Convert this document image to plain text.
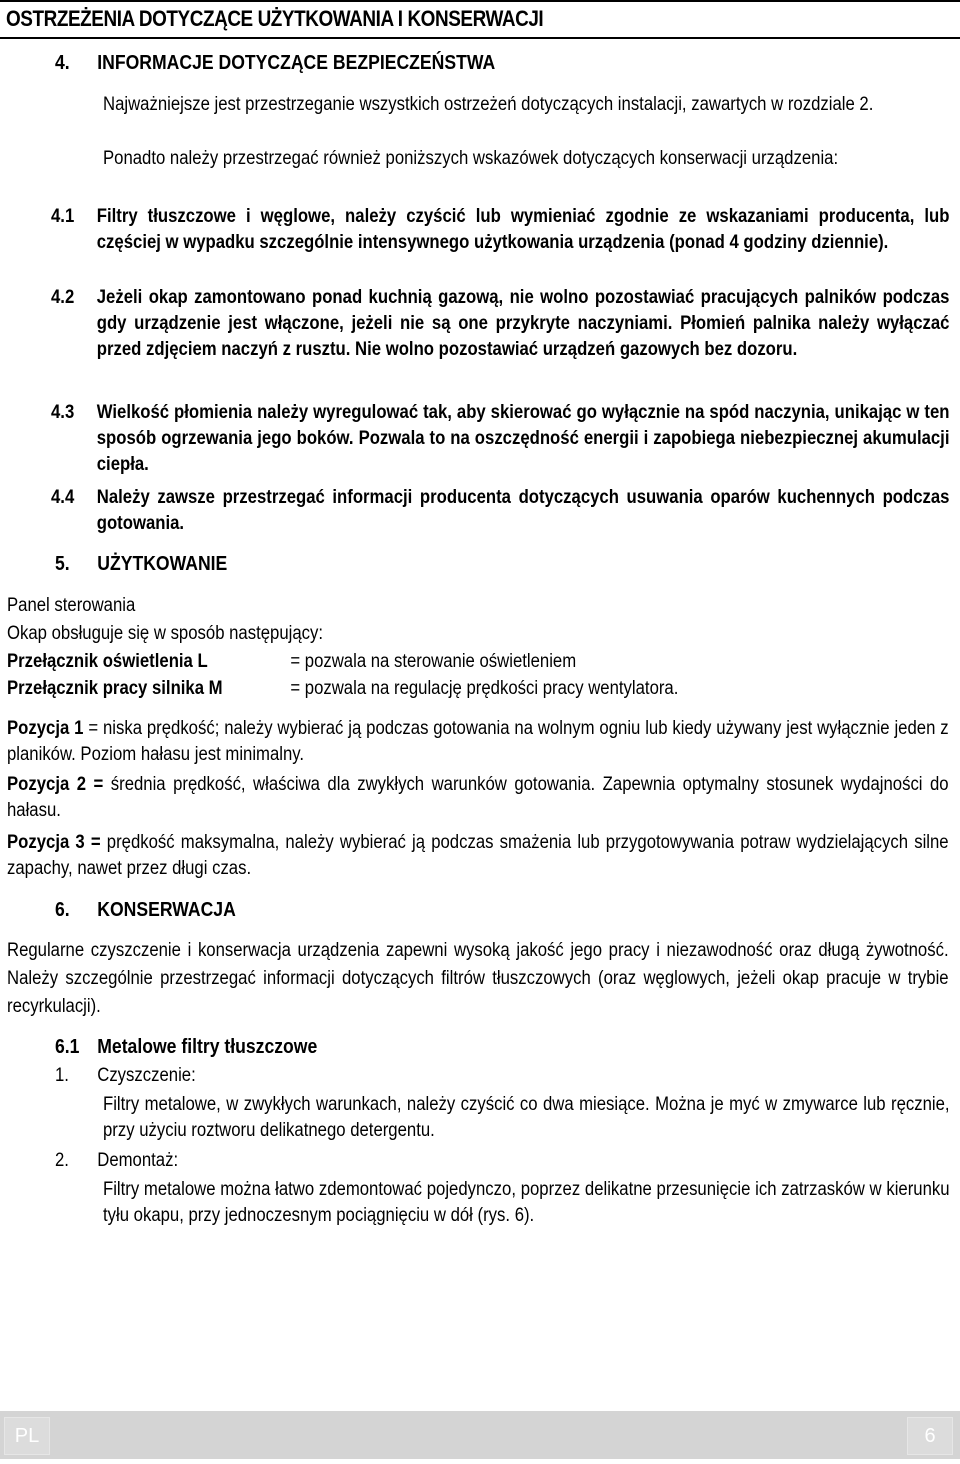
OSTRZEŻENIA DOTYCZĄCE UŻYTKOWANIA I KONSERWACJI
4. INFORMACJE DOTYCZĄCE BEZPIECZEŃSTWA
Najważniejsze jest przestrzeganie wszystkich ostrzeżeń dotyczących instalacji, zawartych w rozdziale 2.
Ponadto należy przestrzegać również poniższych wskazówek dotyczących konserwacji urządzenia:
4.1	Filtry tłuszczowe i węglowe, należy czyścić lub wymieniać zgodnie ze wskazaniami producenta, lub częściej w wypadku szczególnie intensywnego użytkowania urządzenia (ponad 4 godziny dziennie).
4.2	Jeżeli okap zamontowano ponad kuchnią gazową, nie wolno pozostawiać pracujących palników podczas gdy urządzenie jest włączone, jeżeli nie są one przykryte naczyniami. Płomień palnika należy wyłączać przed zdjęciem naczyń z rusztu. Nie wolno pozostawiać urządzeń gazowych bez dozoru.
4.3	Wielkość płomienia należy wyregulować tak, aby skierować go wyłącznie na spód naczynia, unikając w ten sposób ogrzewania jego boków. Pozwala to na oszczędność energii i zapobiega niebezpiecznej akumulacji ciepła.
4.4	Należy zawsze przestrzegać informacji producenta dotyczących usuwania oparów kuchennych podczas gotowania.
5. UŻYTKOWANIE
Panel sterowania
Okap obsługuje się w sposób następujący:
Przełącznik oświetlenia L	= pozwala na sterowanie oświetleniem
Przełącznik pracy silnika M	= pozwala na regulację prędkości pracy wentylatora.
Pozycja 1 = niska prędkość; należy wybierać ją podczas gotowania na wolnym ogniu lub kiedy używany jest wyłącznie jeden z planików. Poziom hałasu jest minimalny.
Pozycja 2 = średnia prędkość, właściwa dla zwykłych warunków gotowania. Zapewnia optymalny stosunek wydajności do hałasu.
Pozycja 3 = prędkość maksymalna, należy wybierać ją podczas smażenia lub przygotowywania potraw wydzielających silne zapachy, nawet przez długi czas.
6. KONSERWACJA
Regularne czyszczenie i konserwacja urządzenia zapewni wysoką jakość jego pracy i niezawodność oraz długą żywotność. Należy szczególnie przestrzegać informacji dotyczących filtrów tłuszczowych (oraz węglowych, jeżeli okap pracuje w trybie recyrkulacji).
6.1 Metalowe filtry tłuszczowe
1. Czyszczenie:
Filtry metalowe, w zwykłych warunkach, należy czyścić co dwa miesiące. Można je myć w zmywarce lub ręcznie, przy użyciu roztworu delikatnego detergentu.
2. Demontaż:
Filtry metalowe można łatwo zdemontować pojedynczo, poprzez delikatne przesunięcie ich zatrzasków w kierunku tyłu okapu, przy jednoczesnym pociągnięciu w dół (rys. 6).
PL	6
